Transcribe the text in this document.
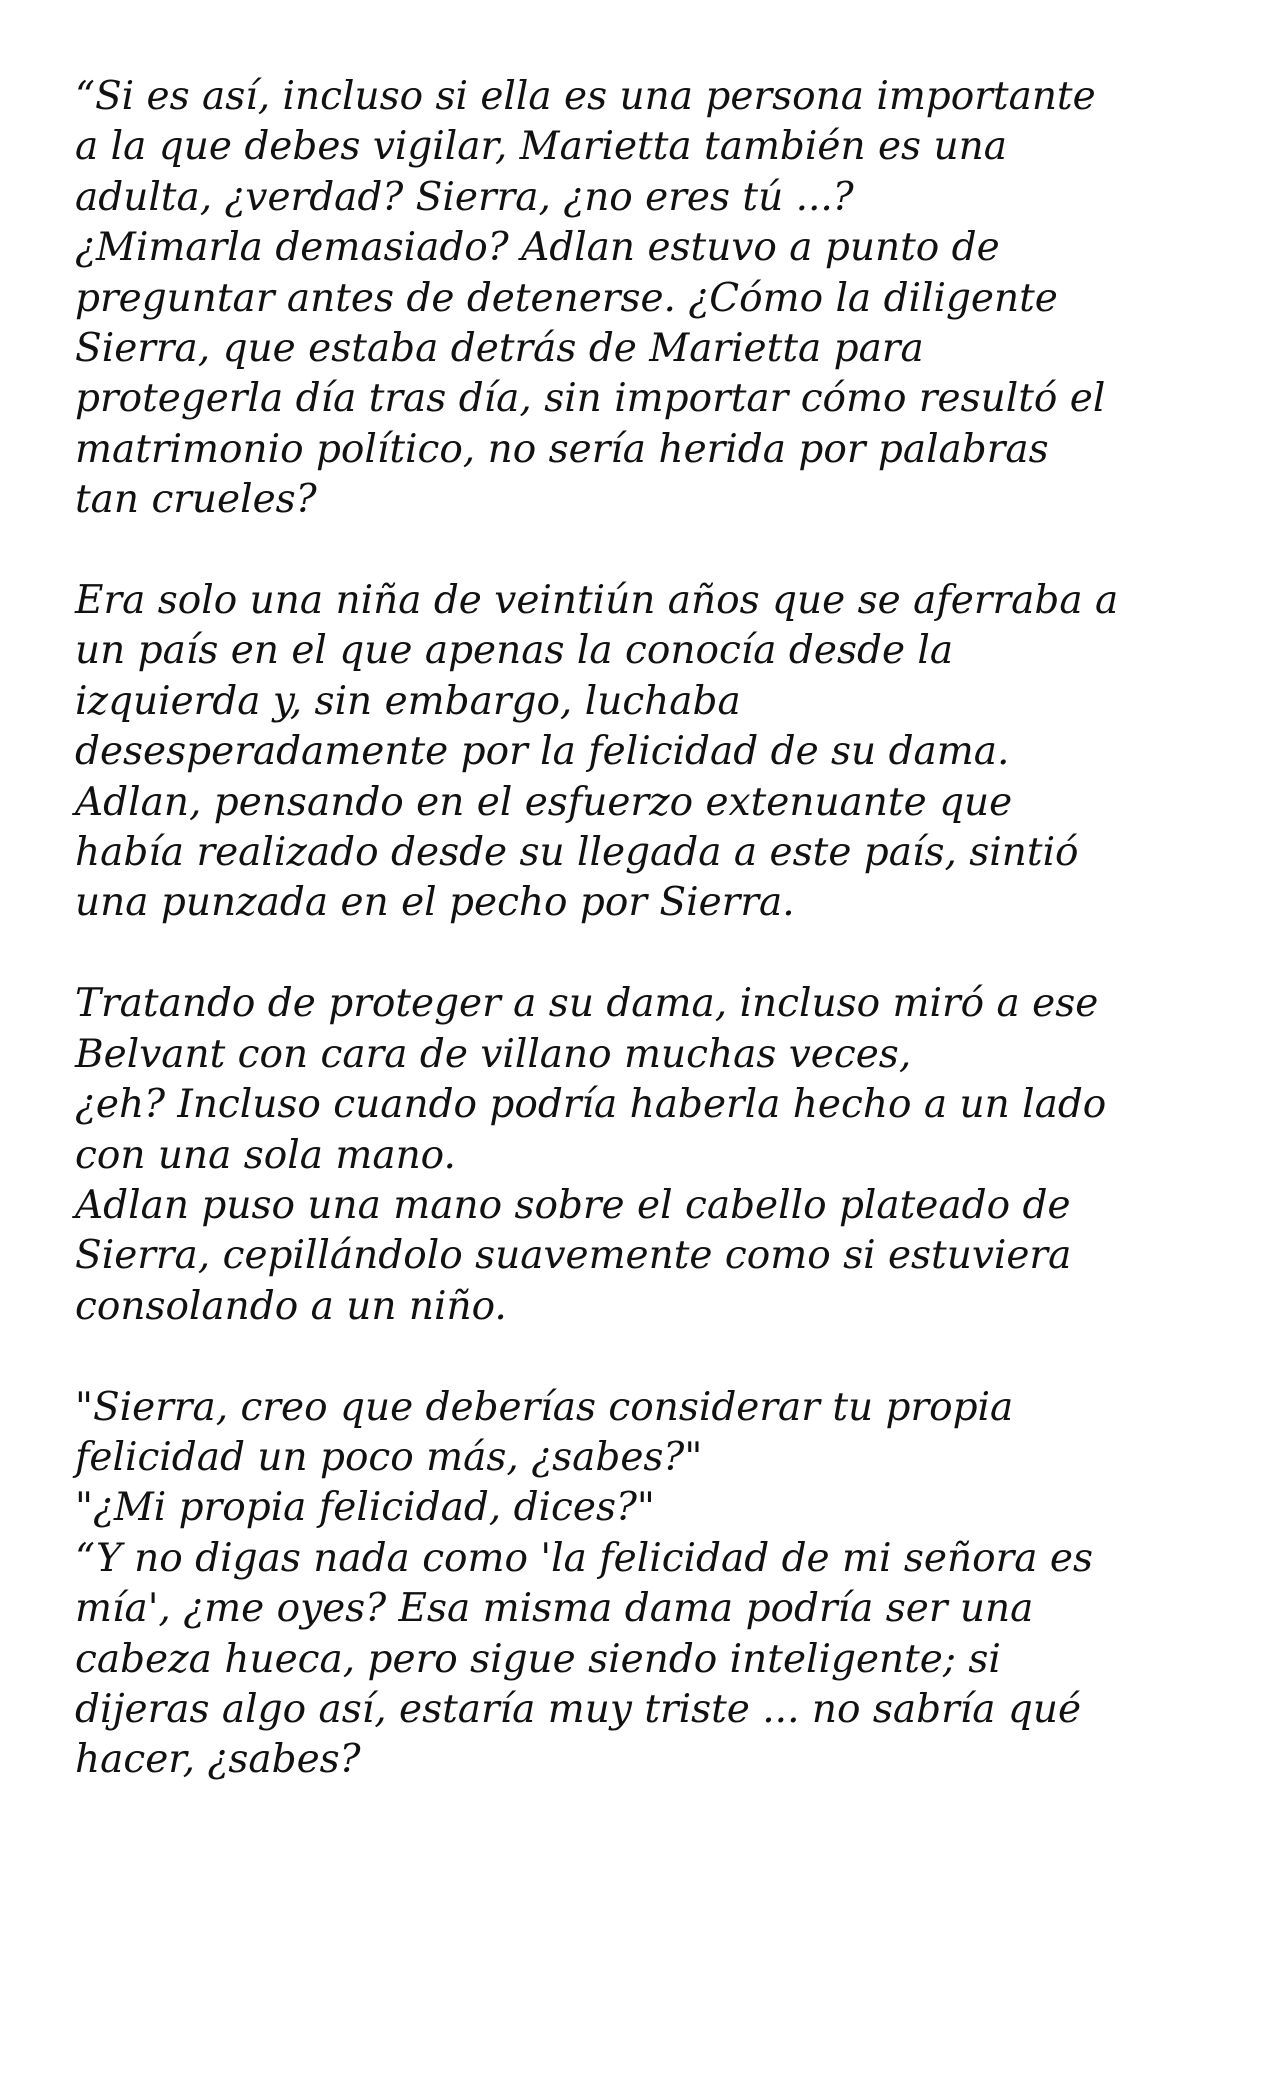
“Si es así, incluso si ella es una persona importante
a la que debes vigilar, Marietta también es una
adulta, ¿verdad? Sierra, ¿no eres tú ...?
¿Mimarla demasiado? Adlan estuvo a punto de
preguntar antes de detenerse. ¿Cómo la diligente
Sierra, que estaba detrás de Marietta para
protegerla día tras día, sin importar cómo resultó el
matrimonio político, no sería herida por palabras
tan crueles?
Era solo una niña de veintiún años que se aferraba a
un país en el que apenas la conocía desde la
izquierda y, sin embargo, luchaba
desesperadamente por la felicidad de su dama.
Adlan, pensando en el esfuerzo extenuante que
había realizado desde su llegada a este país, sintió
una punzada en el pecho por Sierra.
Tratando de proteger a su dama, incluso miró a ese
Belvant con cara de villano muchas veces,
¿eh? Incluso cuando podría haberla hecho a un lado
con una sola mano.
Adlan puso una mano sobre el cabello plateado de
Sierra, cepillándolo suavemente como si estuviera
consolando a un niño.
"Sierra, creo que deberías considerar tu propia
felicidad un poco más, ¿sabes?"
"¿Mi propia felicidad, dices?"
“Y no digas nada como 'la felicidad de mi señora es
mía', ¿me oyes? Esa misma dama podría ser una
cabeza hueca, pero sigue siendo inteligente; si
dijeras algo así, estaría muy triste ... no sabría qué
hacer, ¿sabes?
